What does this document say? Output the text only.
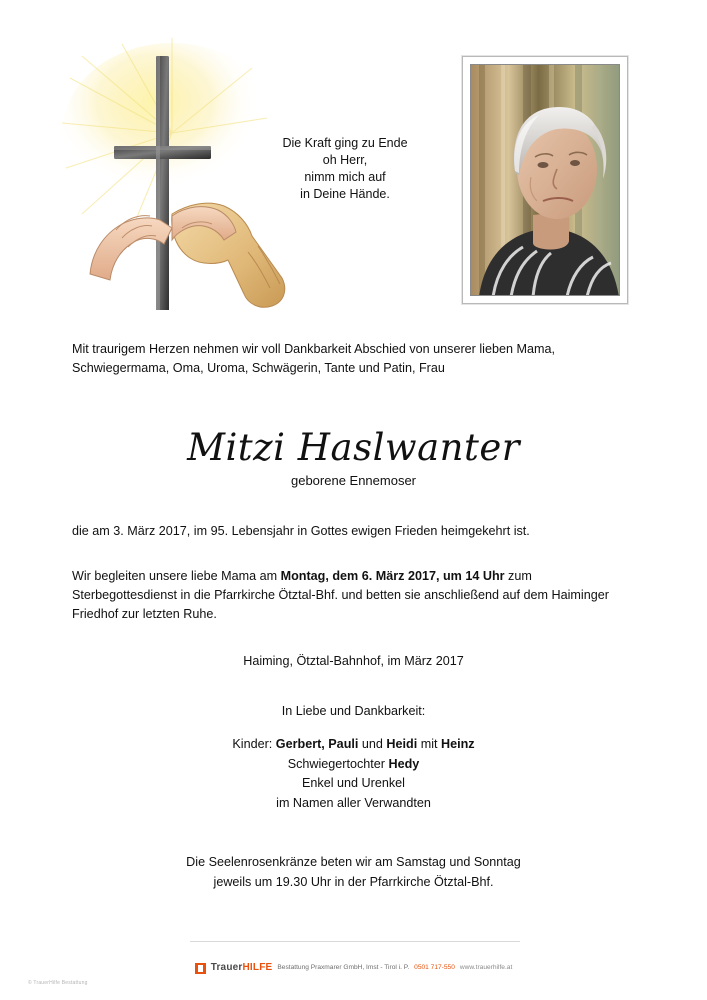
Die Kraft ging zu Ende
oh Herr,
nimm mich auf
in Deine Hände.

Mit traurigem Herzen nehmen wir voll Dankbarkeit Abschied von unserer lieben Mama, Schwiegermama, Oma, Uroma, Schwägerin, Tante und Patin, Frau

Mitzi Haslwanter
geborene Ennemoser

die am 3. März 2017, im 95. Lebensjahr in Gottes ewigen Frieden heimgekehrt ist.

Wir begleiten unsere liebe Mama am Montag, dem 6. März 2017, um 14 Uhr zum Sterbegottesdienst in die Pfarrkirche Ötztal-Bhf. und betten sie anschließend auf dem Haiminger Friedhof zur letzten Ruhe.

Haiming, Ötztal-Bahnhof, im März 2017
In Liebe und Dankbarkeit:
Kinder: Gerbert, Pauli und Heidi mit Heinz
Schwiegertochter Hedy
Enkel und Urenkel
im Namen aller Verwandten
Die Seelenrosenkränze beten wir am Samstag und Sonntag
jeweils um 19.30 Uhr in der Pfarrkirche Ötztal-Bhf.
TrauerHILFE Bestattung Praxmarer GmbH, Imst - Tirol i. P. 0501 717-550 www.trauerhilfe.at
© TrauerHilfe Bestattung
